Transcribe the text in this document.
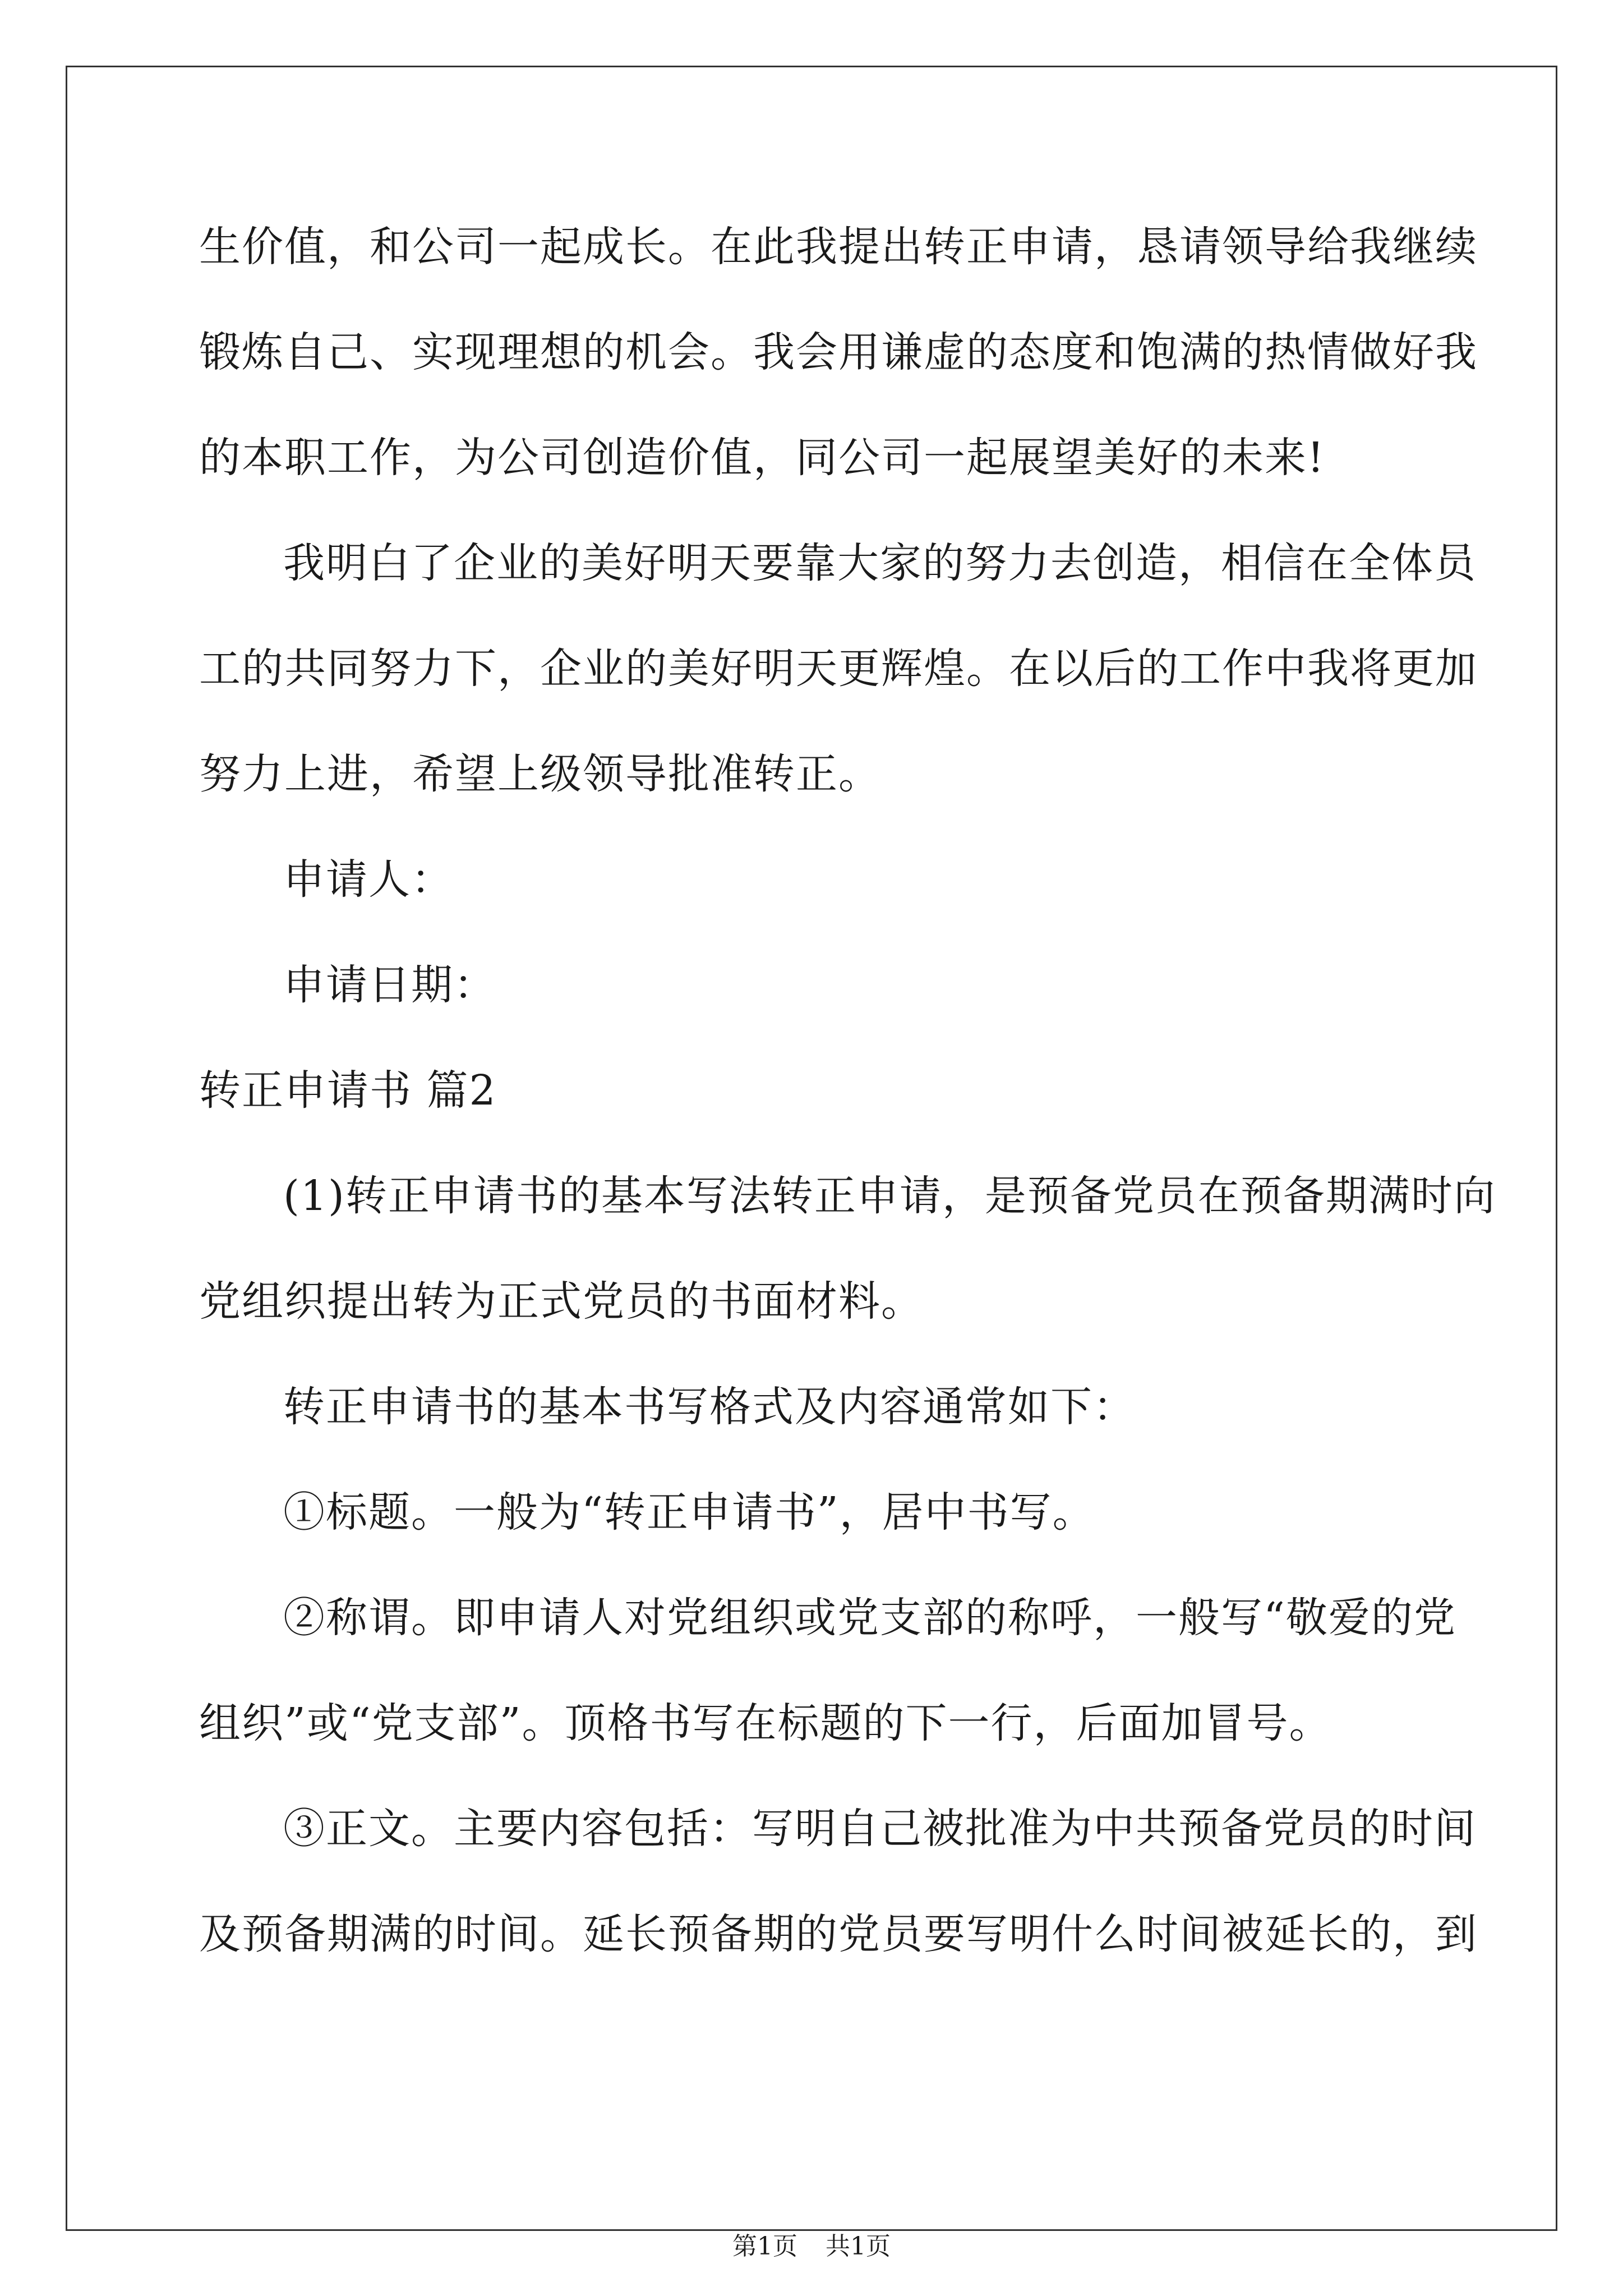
生价值，和公司一起成长。在此我提出转正申请，恳请领导给我继续
锻炼自己、实现理想的机会。我会用谦虚的态度和饱满的热情做好我
的本职工作，为公司创造价值，同公司一起展望美好的未来!
我明白了企业的美好明天要靠大家的努力去创造，相信在全体员
工的共同努力下，企业的美好明天更辉煌。在以后的工作中我将更加
努力上进，希望上级领导批准转正。
申请人：
申请日期：
转正申请书 篇2
(1)转正申请书的基本写法转正申请，是预备党员在预备期满时向
党组织提出转为正式党员的书面材料。
转正申请书的基本书写格式及内容通常如下：
①标题。一般为“转正申请书”，居中书写。
②称谓。即申请人对党组织或党支部的称呼，一般写“敬爱的党
组织”或“党支部”。顶格书写在标题的下一行，后面加冒号。
③正文。主要内容包括：写明自己被批准为中共预备党员的时间
及预备期满的时间。延长预备期的党员要写明什么时间被延长的，到
第1页 共1页
